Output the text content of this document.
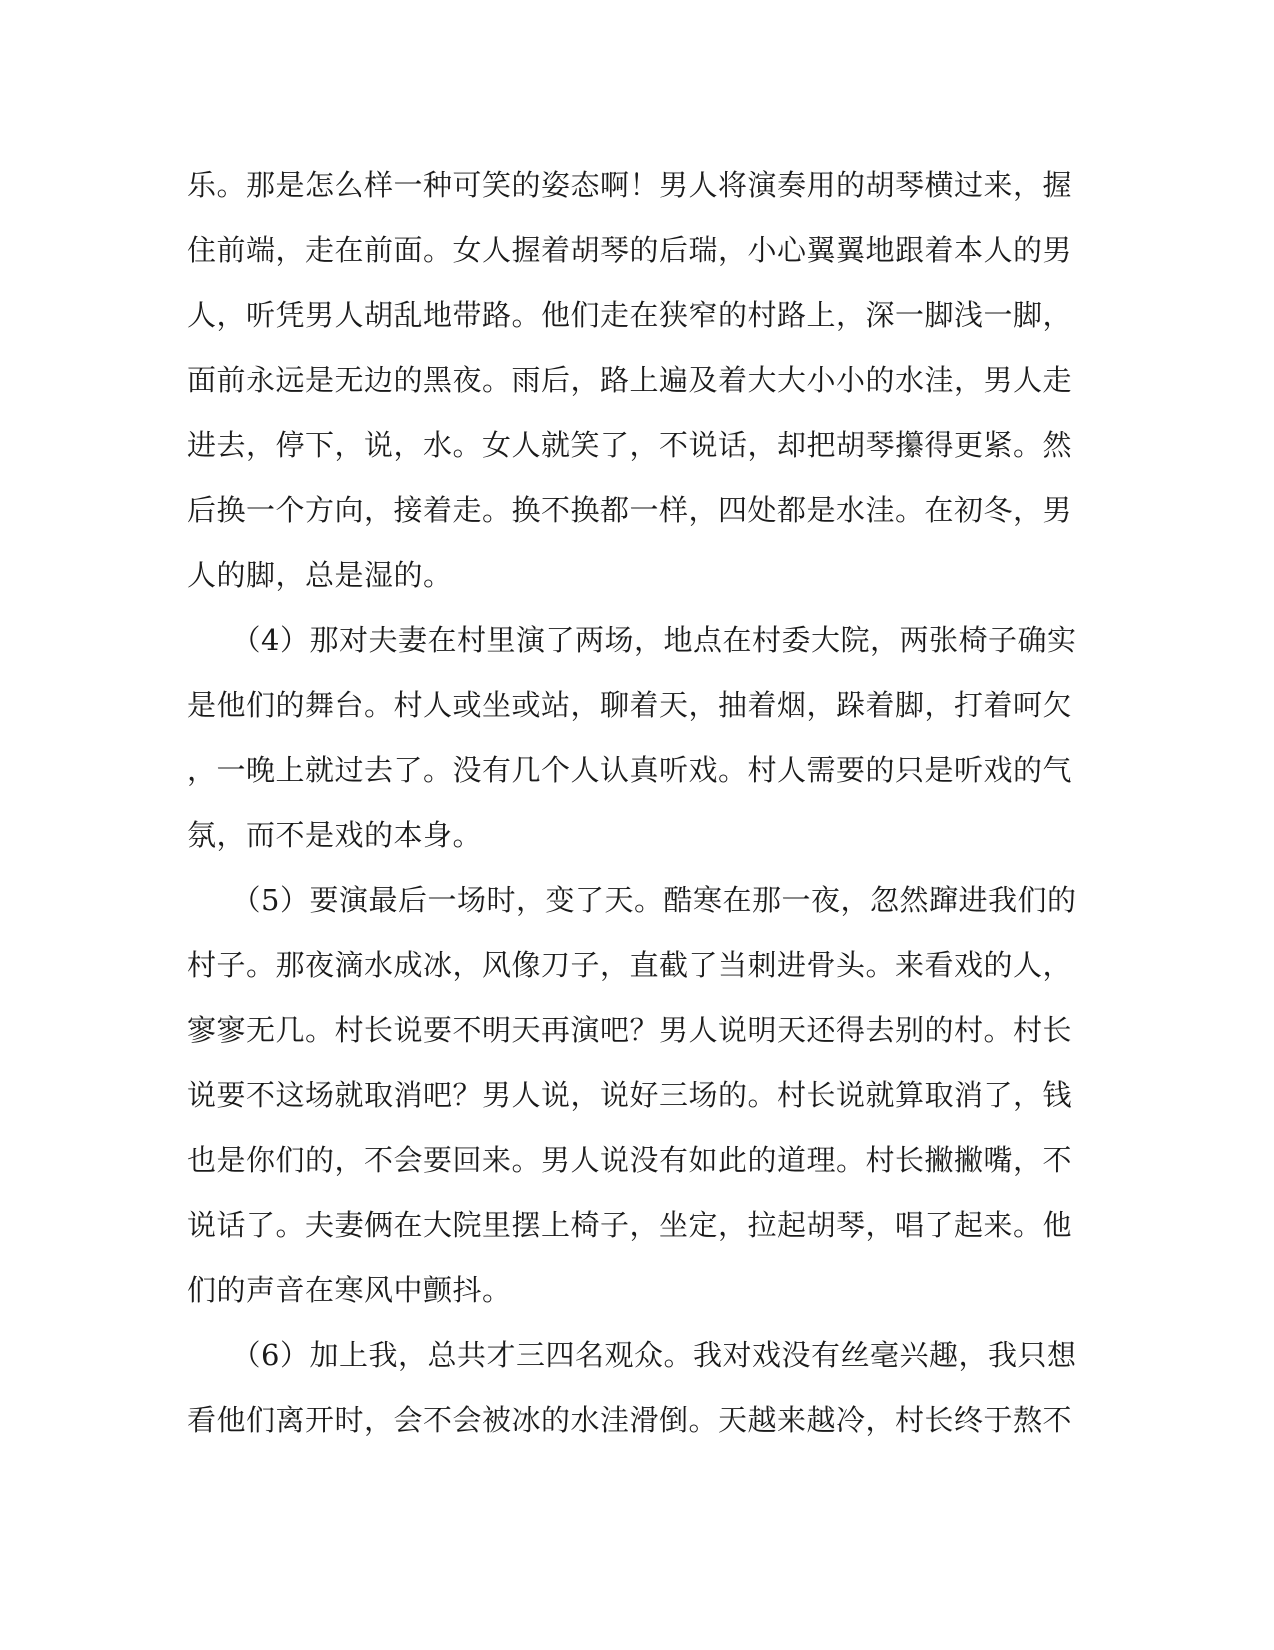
乐。那是怎么样一种可笑的姿态啊！男人将演奏用的胡琴横过来，握
住前端，走在前面。女人握着胡琴的后瑞，小心翼翼地跟着本人的男
人，听凭男人胡乱地带路。他们走在狭窄的村路上，深一脚浅一脚，
面前永远是无边的黑夜。雨后，路上遍及着大大小小的水洼，男人走
进去，停下，说，水。女人就笑了，不说话，却把胡琴攥得更紧。然
后换一个方向，接着走。换不换都一样，四处都是水洼。在初冬，男
人的脚，总是湿的。
　　（4）那对夫妻在村里演了两场，地点在村委大院，两张椅子确实
是他们的舞台。村人或坐或站，聊着天，抽着烟，跺着脚，打着呵欠
，一晚上就过去了。没有几个人认真听戏。村人需要的只是听戏的气
氛，而不是戏的本身。
　　（5）要演最后一场时，变了天。酷寒在那一夜，忽然蹿进我们的
村子。那夜滴水成冰，风像刀子，直截了当刺进骨头。来看戏的人，
寥寥无几。村长说要不明天再演吧？男人说明天还得去别的村。村长
说要不这场就取消吧？男人说，说好三场的。村长说就算取消了，钱
也是你们的，不会要回来。男人说没有如此的道理。村长撇撇嘴，不
说话了。夫妻俩在大院里摆上椅子，坐定，拉起胡琴，唱了起来。他
们的声音在寒风中颤抖。
　　（6）加上我，总共才三四名观众。我对戏没有丝毫兴趣，我只想
看他们离开时，会不会被冰的水洼滑倒。天越来越冷，村长终于熬不
